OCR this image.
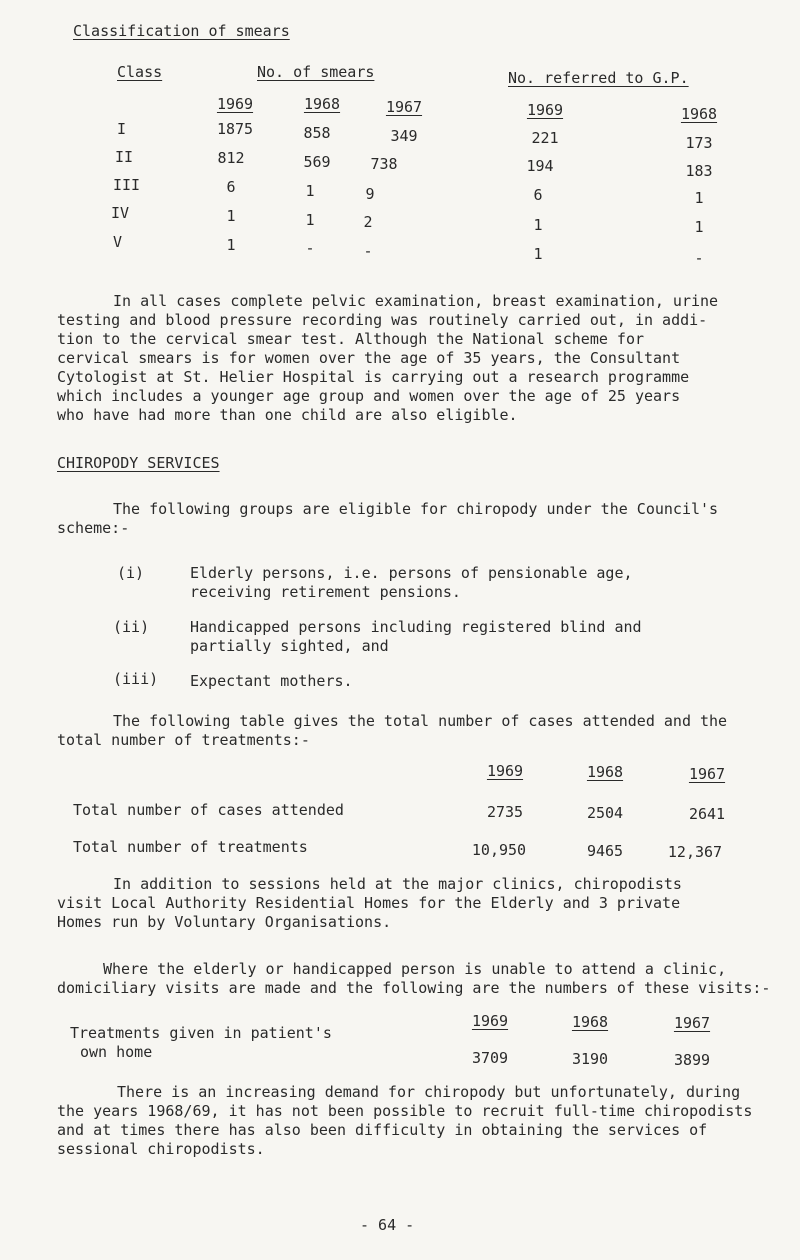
Classification of smears
Class	No. of smears	No. referred to G.P.
1969	1968	1967	1969	1968
I	1875	858	349	221	173
II	812	569	738	194	183
III	6	1	9	6	1
IV	1	1	2	1	1
V	1	-	-	1	-
In all cases complete pelvic examination, breast examination, urine
testing and blood pressure recording was routinely carried out, in addi-
tion to the cervical smear test. Although the National scheme for
cervical smears is for women over the age of 35 years, the Consultant
Cytologist at St. Helier Hospital is carrying out a research programme
which includes a younger age group and women over the age of 25 years
who have had more than one child are also eligible.
CHIROPODY SERVICES
The following groups are eligible for chiropody under the Council's
scheme:-
(i)	Elderly persons, i.e. persons of pensionable age,
receiving retirement pensions.
(ii)	Handicapped persons including registered blind and
partially sighted, and
(iii) Expectant mothers.
The following table gives the total number of cases attended and the
total number of treatments:-
1969	1968	1967
Total number of cases attended	2735	2504	2641
Total number of treatments	10,950	9465	12,367
In addition to sessions held at the major clinics, chiropodists
visit Local Authority Residential Homes for the Elderly and 3 private
Homes run by Voluntary Organisations.
Where the elderly or handicapped person is unable to attend a clinic,
domiciliary visits are made and the following are the numbers of these visits:-
1969	1968	1967
Treatments given in patient's
own home	3709	3190	3899
There is an increasing demand for chiropody but unfortunately, during
the years 1968/69, it has not been possible to recruit full-time chiropodists
and at times there has also been difficulty in obtaining the services of
sessional chiropodists.
- 64 -
